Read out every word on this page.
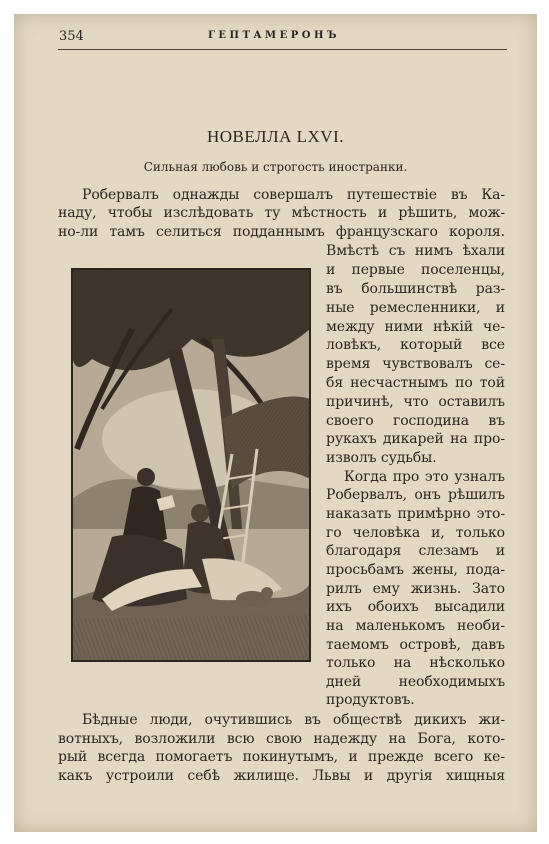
354	ГЕПТАМЕРОНЪ
НОВЕЛЛА LXVI.
Сильная любовь и строгость иностранки.
Робервалъ однажды совершалъ путешествіе въ Ка-
наду, чтобы изслѣдовать ту мѣстность и рѣшить, мож-
но-ли тамъ селиться подданнымъ французскаго короля.
Вмѣстѣ съ нимъ ѣхали
и первые поселенцы,
въ большинствѣ раз-
ные ремесленники, и
между ними нѣкій че-
ловѣкъ, который все
время чувствовалъ се-
бя несчастнымъ по той
причинѣ, что оставилъ
своего господина въ
рукахъ дикарей на про-
изволъ судьбы.
Когда про это узналъ
Робервалъ, онъ рѣшилъ
наказать примѣрно это-
го человѣка и, только
благодаря слезамъ и
просьбамъ жены, пода-
рилъ ему жизнь. Зато
ихъ обоихъ высадили
на маленькомъ необи-
таемомъ островѣ, давъ
только на нѣсколько
дней необходимыхъ
продуктовъ.
Бѣдные люди, очутившись въ обществѣ дикихъ жи-
вотныхъ, возложили всю свою надежду на Бога, кото-
рый всегда помогаетъ покинутымъ, и прежде всего ке-
какъ устроили себѣ жилище. Львы и другія хищныя
